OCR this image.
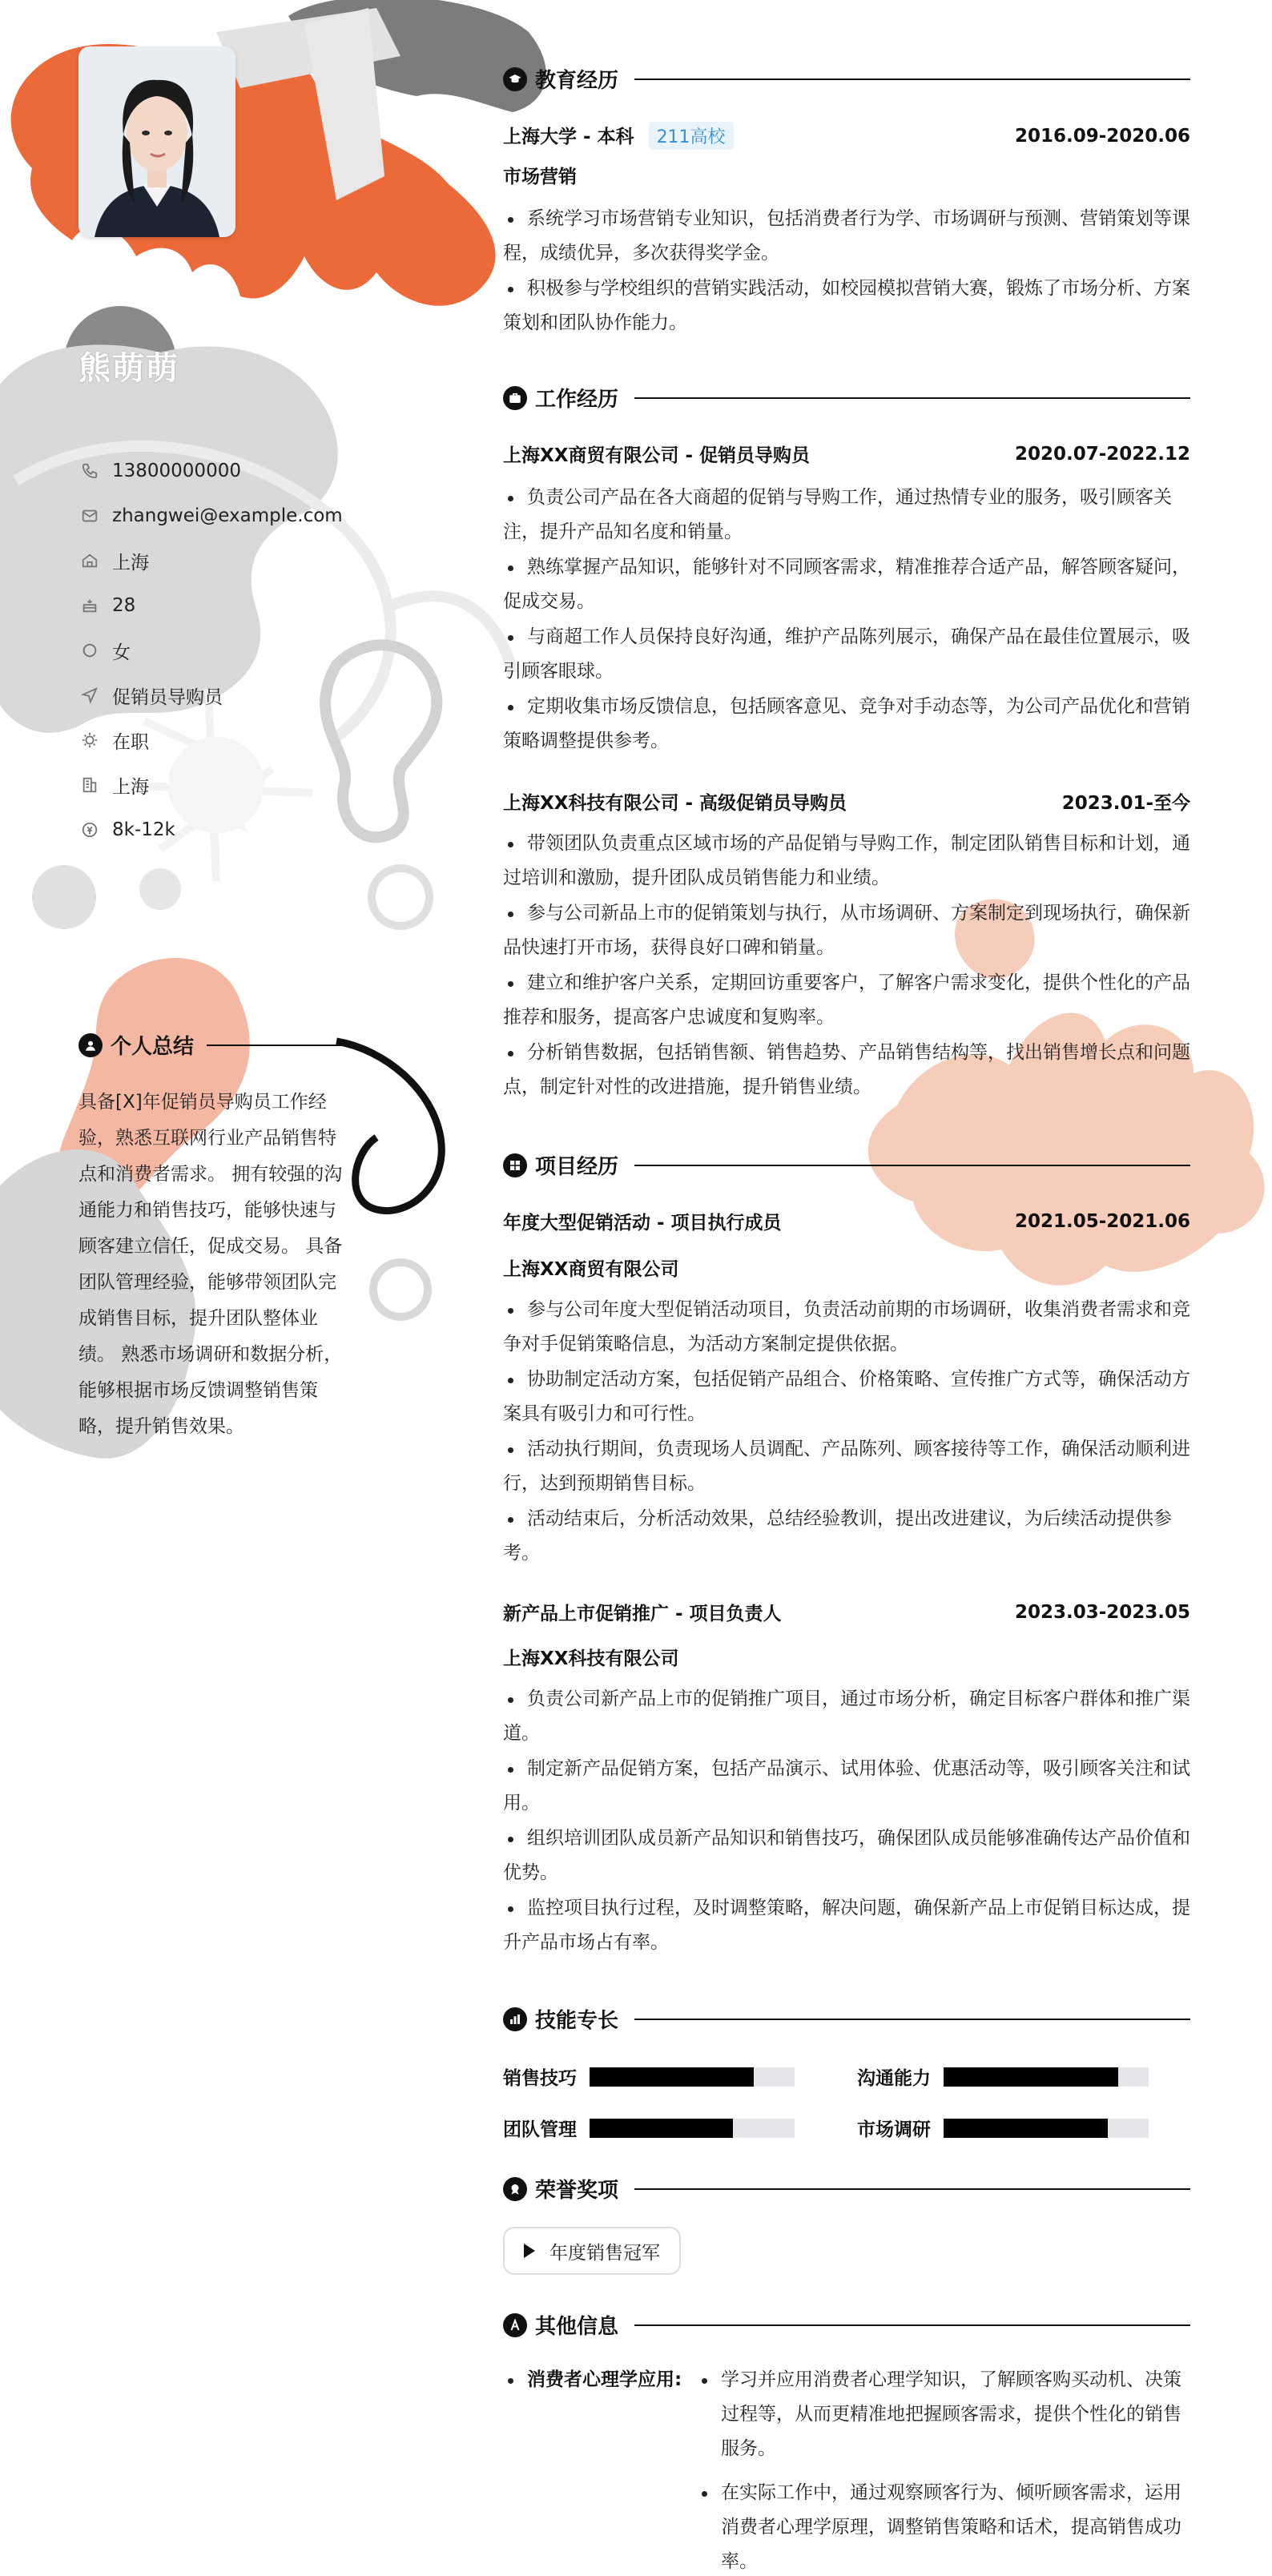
熊萌萌
13800000000
zhangwei@example.com
上海
28
女
促销员导购员
在职
上海
8k-12k
个人总结

具备[X]年促销员导购员工作经验，熟悉互联网行业产品销售特点和消费者需求。 拥有较强的沟通能力和销售技巧，能够快速与顾客建立信任，促成交易。 具备团队管理经验，能够带领团队完成销售目标，提升团队整体业绩。 熟悉市场调研和数据分析，能够根据市场反馈调整销售策略，提升销售效果。

教育经历
上海大学 - 本科 211高校	2016.09-2020.06
市场营销
系统学习市场营销专业知识，包括消费者行为学、市场调研与预测、营销策划等课程，成绩优异，多次获得奖学金。
积极参与学校组织的营销实践活动，如校园模拟营销大赛，锻炼了市场分析、方案策划和团队协作能力。
工作经历
上海XX商贸有限公司 - 促销员导购员	2020.07-2022.12
负责公司产品在各大商超的促销与导购工作，通过热情专业的服务，吸引顾客关注，提升产品知名度和销量。
熟练掌握产品知识，能够针对不同顾客需求，精准推荐合适产品，解答顾客疑问，促成交易。
与商超工作人员保持良好沟通，维护产品陈列展示，确保产品在最佳位置展示，吸引顾客眼球。
定期收集市场反馈信息，包括顾客意见、竞争对手动态等，为公司产品优化和营销策略调整提供参考。
上海XX科技有限公司 - 高级促销员导购员	2023.01-至今
带领团队负责重点区域市场的产品促销与导购工作，制定团队销售目标和计划，通过培训和激励，提升团队成员销售能力和业绩。
参与公司新品上市的促销策划与执行，从市场调研、方案制定到现场执行，确保新品快速打开市场，获得良好口碑和销量。
建立和维护客户关系，定期回访重要客户，了解客户需求变化，提供个性化的产品推荐和服务，提高客户忠诚度和复购率。
分析销售数据，包括销售额、销售趋势、产品销售结构等，找出销售增长点和问题点，制定针对性的改进措施，提升销售业绩。
项目经历
年度大型促销活动 - 项目执行成员	2021.05-2021.06
上海XX商贸有限公司
参与公司年度大型促销活动项目，负责活动前期的市场调研，收集消费者需求和竞争对手促销策略信息，为活动方案制定提供依据。
协助制定活动方案，包括促销产品组合、价格策略、宣传推广方式等，确保活动方案具有吸引力和可行性。
活动执行期间，负责现场人员调配、产品陈列、顾客接待等工作，确保活动顺利进行，达到预期销售目标。
活动结束后，分析活动效果，总结经验教训，提出改进建议，为后续活动提供参考。
新产品上市促销推广 - 项目负责人	2023.03-2023.05
上海XX科技有限公司
负责公司新产品上市的促销推广项目，通过市场分析，确定目标客户群体和推广渠道。
制定新产品促销方案，包括产品演示、试用体验、优惠活动等，吸引顾客关注和试用。
组织培训团队成员新产品知识和销售技巧，确保团队成员能够准确传达产品价值和优势。
监控项目执行过程，及时调整策略，解决问题，确保新产品上市促销目标达成，提升产品市场占有率。
技能专长
销售技巧	沟通能力
团队管理	市场调研
荣誉奖项
年度销售冠军
其他信息
消费者心理学应用:	学习并应用消费者心理学知识，了解顾客购买动机、决策过程等，从而更精准地把握顾客需求，提供个性化的销售服务。
在实际工作中，通过观察顾客行为、倾听顾客需求，运用消费者心理学原理，调整销售策略和话术，提高销售成功率。
